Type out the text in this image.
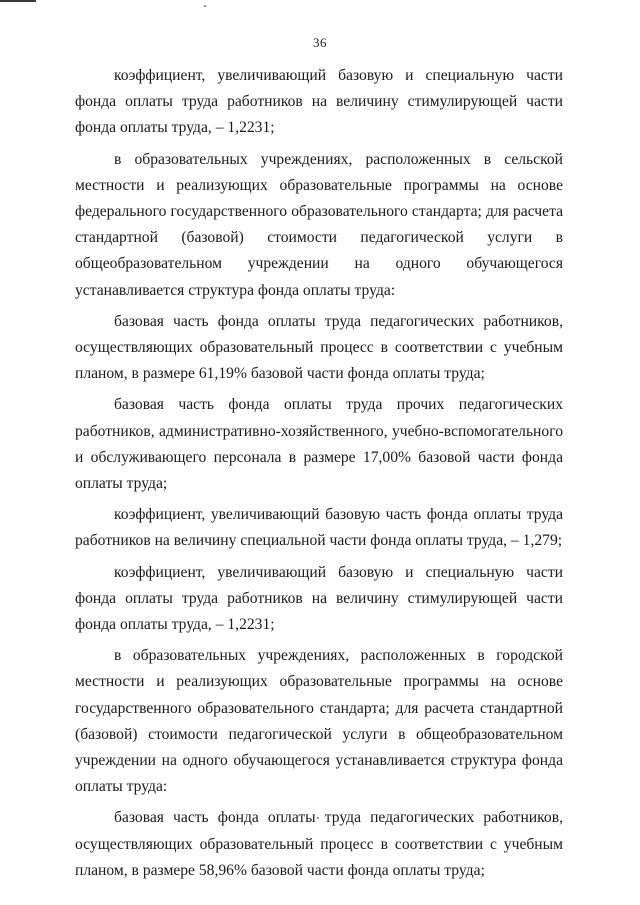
36

коэффициент, увеличивающий базовую и специальную части фонда оплаты труда работников на величину стимулирующей части фонда оплаты труда, – 1,2231;

в образовательных учреждениях, расположенных в сельской местности и реализующих образовательные программы на основе федерального государственного образовательного стандарта; для расчета стандартной (базовой) стоимости педагогической услуги в общеобразовательном учреждении на одного обучающегося устанавливается структура фонда оплаты труда:

базовая часть фонда оплаты труда педагогических работников, осуществляющих образовательный процесс в соответствии с учебным планом, в размере 61,19% базовой части фонда оплаты труда;

базовая часть фонда оплаты труда прочих педагогических работников, административно-хозяйственного, учебно-вспомогательного и обслуживающего персонала в размере 17,00% базовой части фонда оплаты труда;

коэффициент, увеличивающий базовую часть фонда оплаты труда работников на величину специальной части фонда оплаты труда, – 1,279;

коэффициент, увеличивающий базовую и специальную части фонда оплаты труда работников на величину стимулирующей части фонда оплаты труда, – 1,2231;

в образовательных учреждениях, расположенных в городской местности и реализующих образовательные программы на основе государственного образовательного стандарта; для расчета стандартной (базовой) стоимости педагогической услуги в общеобразовательном учреждении на одного обучающегося устанавливается структура фонда оплаты труда:

базовая часть фонда оплаты труда педагогических работников, осуществляющих образовательный процесс в соответствии с учебным планом, в размере 58,96% базовой части фонда оплаты труда;
